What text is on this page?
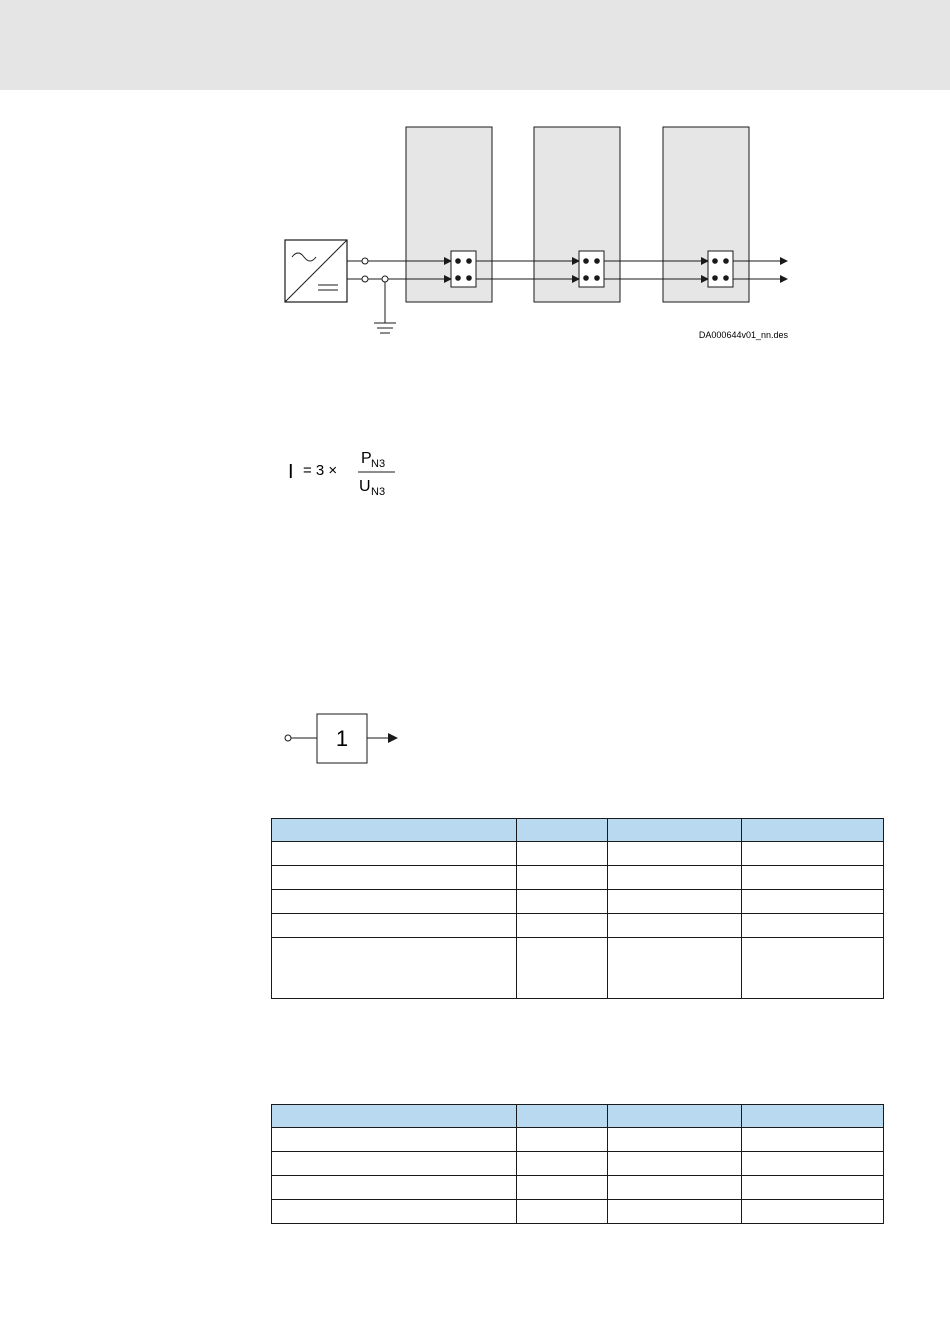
DA000644v01_nn.des
I = 3 ×
P N3
U N3
1
